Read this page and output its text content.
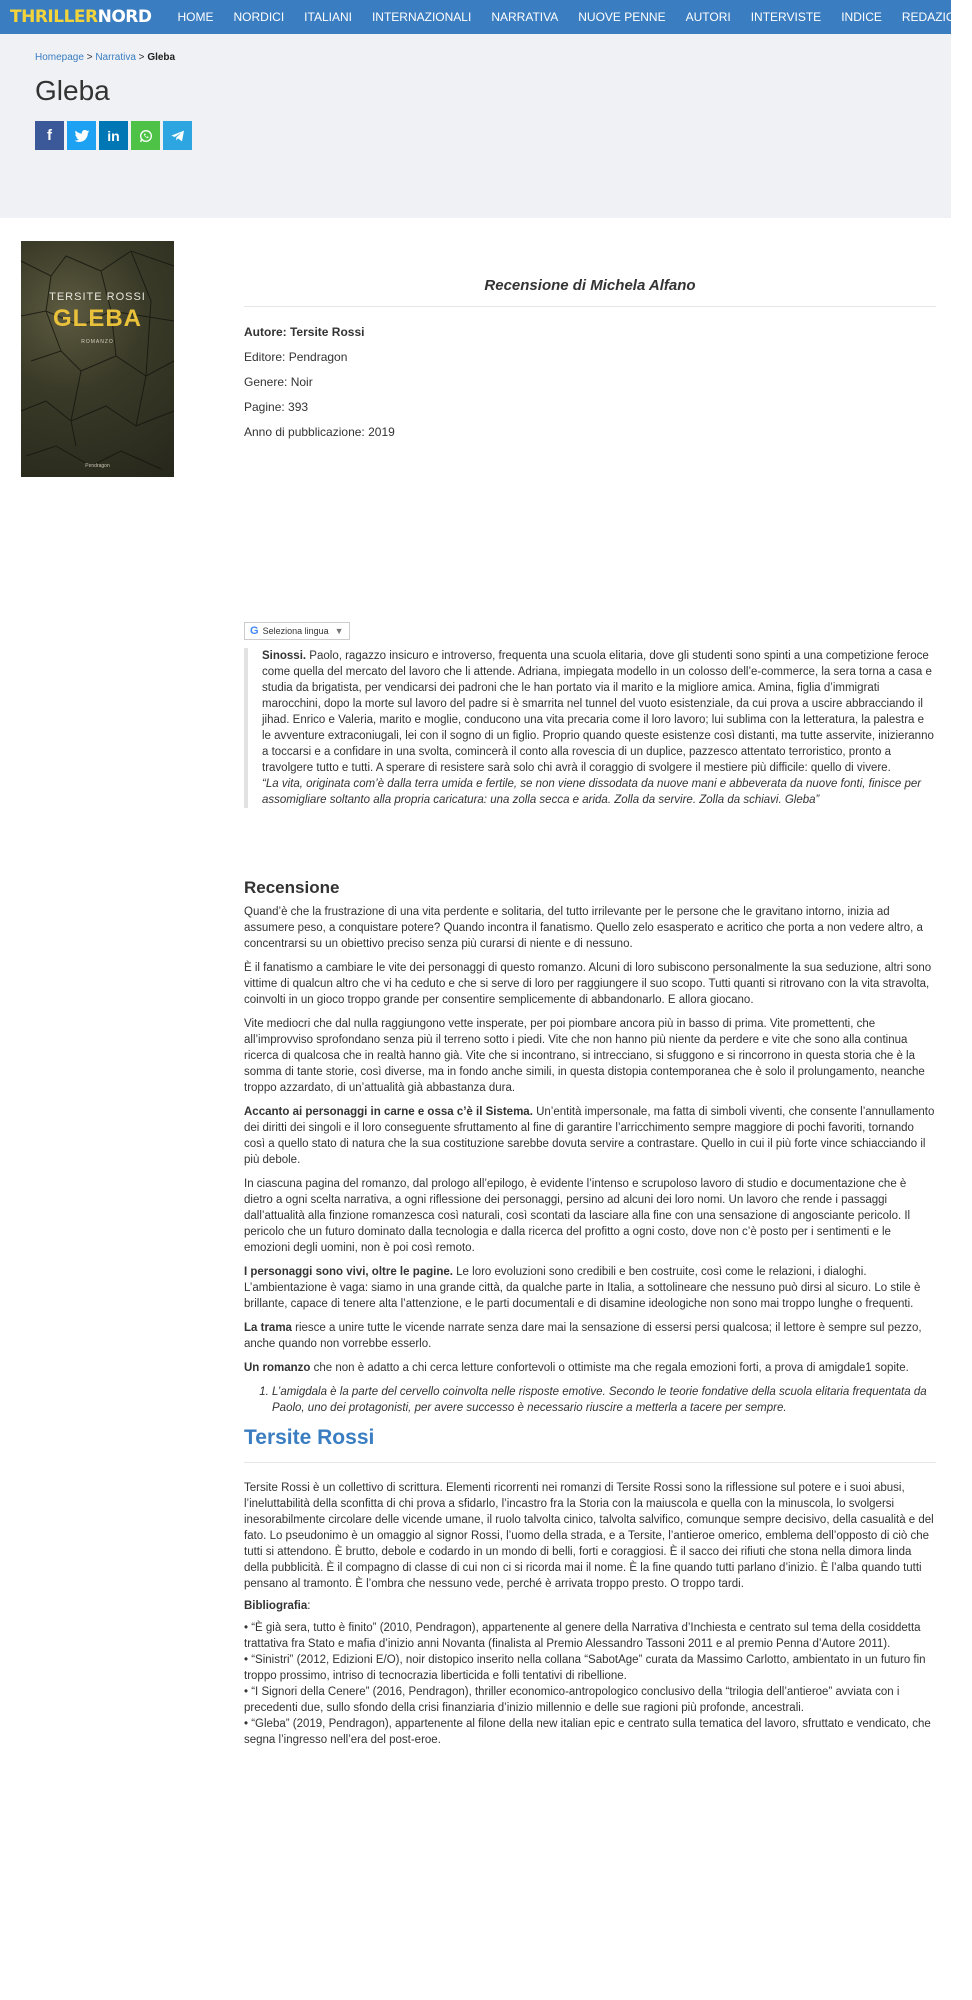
THRILLER NORD HOME NORDICI ITALIANI INTERNAZIONALI NARRATIVA NUOVE PENNE AUTORI INTERVISTE INDICE REDAZIONE
Homepage > Narrativa > Gleba
Gleba
f	in
TERSITE ROSSI
GLEBA
ROMANZO
Pendragon
Recensione di Michela Alfano
Autore: Tersite Rossi
Editore: Pendragon
Genere: Noir
Pagine: 393
Anno di pubblicazione: 2019
G Seleziona lingua ▼

Sinossi. Paolo, ragazzo insicuro e introverso, frequenta una scuola elitaria, dove gli studenti sono spinti a una competizione feroce come quella del mercato del lavoro che li attende. Adriana, impiegata modello in un colosso dell’e-commerce, la sera torna a casa e studia da brigatista, per vendicarsi dei padroni che le han portato via il marito e la migliore amica. Amina, figlia d’immigrati marocchini, dopo la morte sul lavoro del padre si è smarrita nel tunnel del vuoto esistenziale, da cui prova a uscire abbracciando il jihad. Enrico e Valeria, marito e moglie, conducono una vita precaria come il loro lavoro; lui sublima con la letteratura, la palestra e le avventure extraconiugali, lei con il sogno di un figlio. Proprio quando queste esistenze così distanti, ma tutte asservite, inizieranno a toccarsi e a confidare in una svolta, comincerà il conto alla rovescia di un duplice, pazzesco attentato terroristico, pronto a travolgere tutto e tutti. A sperare di resistere sarà solo chi avrà il coraggio di svolgere il mestiere più difficile: quello di vivere.

“La vita, originata com’è dalla terra umida e fertile, se non viene dissodata da nuove mani e abbeverata da nuove fonti, finisce per assomigliare soltanto alla propria caricatura: una zolla secca e arida. Zolla da servire. Zolla da schiavi. Gleba”

Recensione

Quand’è che la frustrazione di una vita perdente e solitaria, del tutto irrilevante per le persone che le gravitano intorno, inizia ad assumere peso, a conquistare potere? Quando incontra il fanatismo. Quello zelo esasperato e acritico che porta a non vedere altro, a concentrarsi su un obiettivo preciso senza più curarsi di niente e di nessuno.

È il fanatismo a cambiare le vite dei personaggi di questo romanzo. Alcuni di loro subiscono personalmente la sua seduzione, altri sono vittime di qualcun altro che vi ha ceduto e che si serve di loro per raggiungere il suo scopo. Tutti quanti si ritrovano con la vita stravolta, coinvolti in un gioco troppo grande per consentire semplicemente di abbandonarlo. E allora giocano.

Vite mediocri che dal nulla raggiungono vette insperate, per poi piombare ancora più in basso di prima. Vite promettenti, che all’improvviso sprofondano senza più il terreno sotto i piedi. Vite che non hanno più niente da perdere e vite che sono alla continua ricerca di qualcosa che in realtà hanno già. Vite che si incontrano, si intrecciano, si sfuggono e si rincorrono in questa storia che è la somma di tante storie, così diverse, ma in fondo anche simili, in questa distopia contemporanea che è solo il prolungamento, neanche troppo azzardato, di un’attualità già abbastanza dura.

Accanto ai personaggi in carne e ossa c’è il Sistema. Un’entità impersonale, ma fatta di simboli viventi, che consente l’annullamento dei diritti dei singoli e il loro conseguente sfruttamento al fine di garantire l’arricchimento sempre maggiore di pochi favoriti, tornando così a quello stato di natura che la sua costituzione sarebbe dovuta servire a contrastare. Quello in cui il più forte vince schiacciando il più debole.

In ciascuna pagina del romanzo, dal prologo all’epilogo, è evidente l’intenso e scrupoloso lavoro di studio e documentazione che è dietro a ogni scelta narrativa, a ogni riflessione dei personaggi, persino ad alcuni dei loro nomi. Un lavoro che rende i passaggi dall’attualità alla finzione romanzesca così naturali, così scontati da lasciare alla fine con una sensazione di angosciante pericolo. Il pericolo che un futuro dominato dalla tecnologia e dalla ricerca del profitto a ogni costo, dove non c’è posto per i sentimenti e le emozioni degli uomini, non è poi così remoto.

I personaggi sono vivi, oltre le pagine. Le loro evoluzioni sono credibili e ben costruite, così come le relazioni, i dialoghi. L’ambientazione è vaga: siamo in una grande città, da qualche parte in Italia, a sottolineare che nessuno può dirsi al sicuro. Lo stile è brillante, capace di tenere alta l’attenzione, e le parti documentali e di disamine ideologiche non sono mai troppo lunghe o frequenti.

La trama riesce a unire tutte le vicende narrate senza dare mai la sensazione di essersi persi qualcosa; il lettore è sempre sul pezzo, anche quando non vorrebbe esserlo.

Un romanzo che non è adatto a chi cerca letture confortevoli o ottimiste ma che regala emozioni forti, a prova di amigdale1 sopite.

1. L’amigdala è la parte del cervello coinvolta nelle risposte emotive. Secondo le teorie fondative della scuola elitaria frequentata da Paolo, uno dei protagonisti, per avere successo è necessario riuscire a metterla a tacere per sempre.
Tersite Rossi

Tersite Rossi è un collettivo di scrittura. Elementi ricorrenti nei romanzi di Tersite Rossi sono la riflessione sul potere e i suoi abusi, l’ineluttabilità della sconfitta di chi prova a sfidarlo, l’incastro fra la Storia con la maiuscola e quella con la minuscola, lo svolgersi inesorabilmente circolare delle vicende umane, il ruolo talvolta cinico, talvolta salvifico, comunque sempre decisivo, della casualità e del fato. Lo pseudonimo è un omaggio al signor Rossi, l’uomo della strada, e a Tersite, l’antieroe omerico, emblema dell’opposto di ciò che tutti si attendono. È brutto, debole e codardo in un mondo di belli, forti e coraggiosi. È il sacco dei rifiuti che stona nella dimora linda della pubblicità. È il compagno di classe di cui non ci si ricorda mai il nome. È la fine quando tutti parlano d’inizio. È l’alba quando tutti pensano al tramonto. È l’ombra che nessuno vede, perché è arrivata troppo presto. O troppo tardi.

Bibliografia:

• “È già sera, tutto è finito” (2010, Pendragon), appartenente al genere della Narrativa d’Inchiesta e centrato sul tema della cosiddetta trattativa fra Stato e mafia d’inizio anni Novanta (finalista al Premio Alessandro Tassoni 2011 e al premio Penna d’Autore 2011).
• “Sinistri” (2012, Edizioni E/O), noir distopico inserito nella collana “SabotAge” curata da Massimo Carlotto, ambientato in un futuro fin troppo prossimo, intriso di tecnocrazia liberticida e folli tentativi di ribellione.
• “I Signori della Cenere” (2016, Pendragon), thriller economico-antropologico conclusivo della “trilogia dell’antieroe” avviata con i precedenti due, sullo sfondo della crisi finanziaria d’inizio millennio e delle sue ragioni più profonde, ancestrali.
• “Gleba” (2019, Pendragon), appartenente al filone della new italian epic e centrato sulla tematica del lavoro, sfruttato e vendicato, che segna l’ingresso nell’era del post-eroe.
